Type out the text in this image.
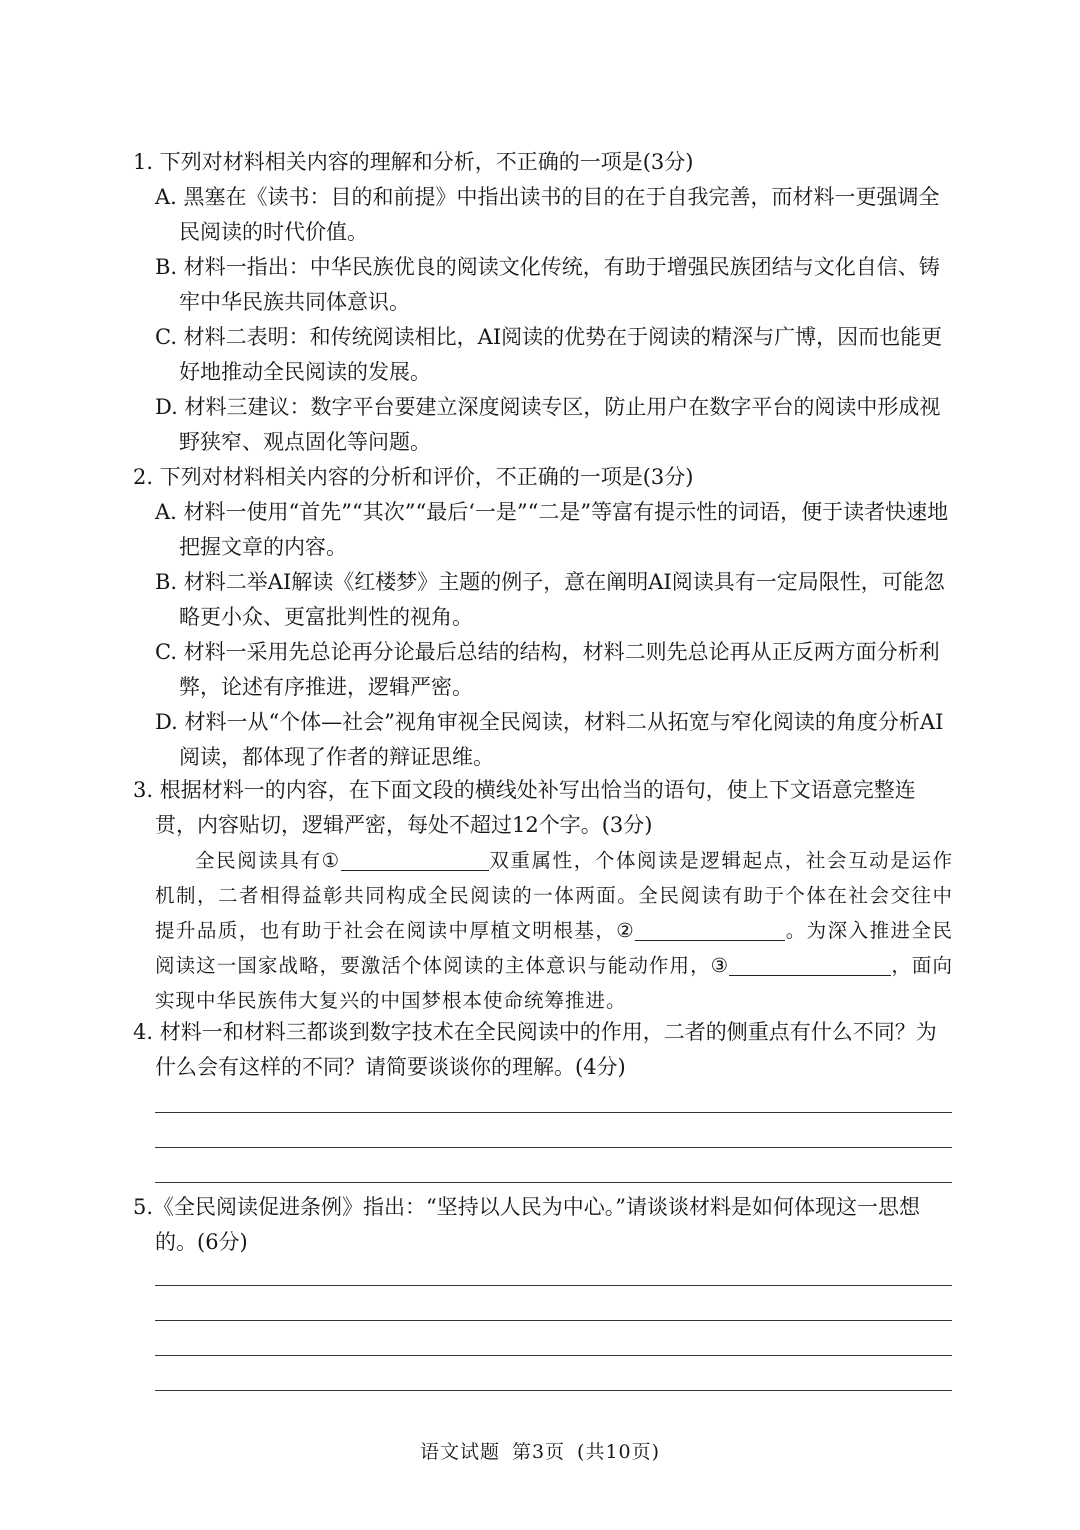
1. 下列对材料相关内容的理解和分析，不正确的一项是(3分)
A. 黑塞在《读书：目的和前提》中指出读书的目的在于自我完善，而材料一更强调全民阅读的时代价值。
B. 材料一指出：中华民族优良的阅读文化传统，有助于增强民族团结与文化自信、铸牢中华民族共同体意识。
C. 材料二表明：和传统阅读相比，AI阅读的优势在于阅读的精深与广博，因而也能更好地推动全民阅读的发展。
D. 材料三建议：数字平台要建立深度阅读专区，防止用户在数字平台的阅读中形成视野狭窄、观点固化等问题。
2. 下列对材料相关内容的分析和评价，不正确的一项是(3分)
A. 材料一使用“首先”“其次”“最后‘一是”“二是”等富有提示性的词语，便于读者快速地把握文章的内容。
B. 材料二举AI解读《红楼梦》主题的例子，意在阐明AI阅读具有一定局限性，可能忽略更小众、更富批判性的视角。
C. 材料一采用先总论再分论最后总结的结构，材料二则先总论再从正反两方面分析利弊，论述有序推进，逻辑严密。
D. 材料一从“个体—社会”视角审视全民阅读，材料二从拓宽与窄化阅读的角度分析AI阅读，都体现了作者的辩证思维。
3. 根据材料一的内容，在下面文段的横线处补写出恰当的语句，使上下文语意完整连贯，内容贴切，逻辑严密，每处不超过12个字。(3分)
全民阅读具有①	双重属性，个体阅读是逻辑起点，社会互动是运作机制，二者相得益彰共同构成全民阅读的一体两面。全民阅读有助于个体在社会交往中提升品质，也有助于社会在阅读中厚植文明根基，②	。为深入推进全民阅读这一国家战略，要激活个体阅读的主体意识与能动作用，③	，面向实现中华民族伟大复兴的中国梦根本使命统筹推进。
4. 材料一和材料三都谈到数字技术在全民阅读中的作用，二者的侧重点有什么不同？为什么会有这样的不同？请简要谈谈你的理解。(4分)
5.《全民阅读促进条例》指出：“坚持以人民为中心。”请谈谈材料是如何体现这一思想的。(6分)
语文试题 第3页 (共10页)
